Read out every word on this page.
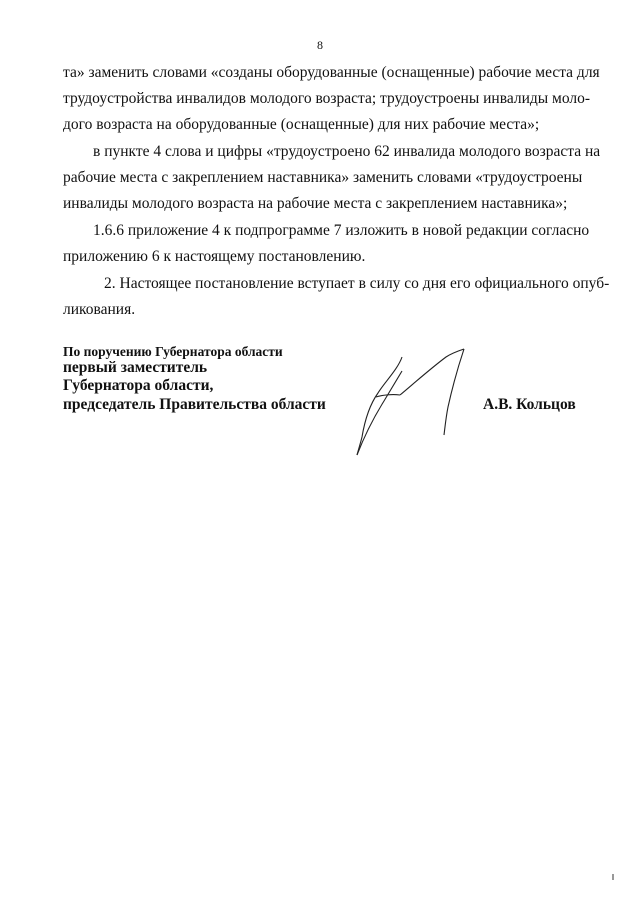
8
та» заменить словами «созданы оборудованные (оснащенные) рабочие места для
трудоустройства инвалидов молодого возраста; трудоустроены инвалиды моло-
дого возраста на оборудованные (оснащенные) для них рабочие места»;
в пункте 4 слова и цифры «трудоустроено 62 инвалида молодого возраста на
рабочие места с закреплением наставника» заменить словами «трудоустроены
инвалиды молодого возраста на рабочие места с закреплением наставника»;
1.6.6 приложение 4 к подпрограмме 7 изложить в новой редакции согласно
приложению 6 к настоящему постановлению.
2. Настоящее постановление вступает в силу со дня его официального опуб-
ликования.
По поручению Губернатора области
первый заместитель
Губернатора области,
председатель Правительства области	А.В. Кольцов
